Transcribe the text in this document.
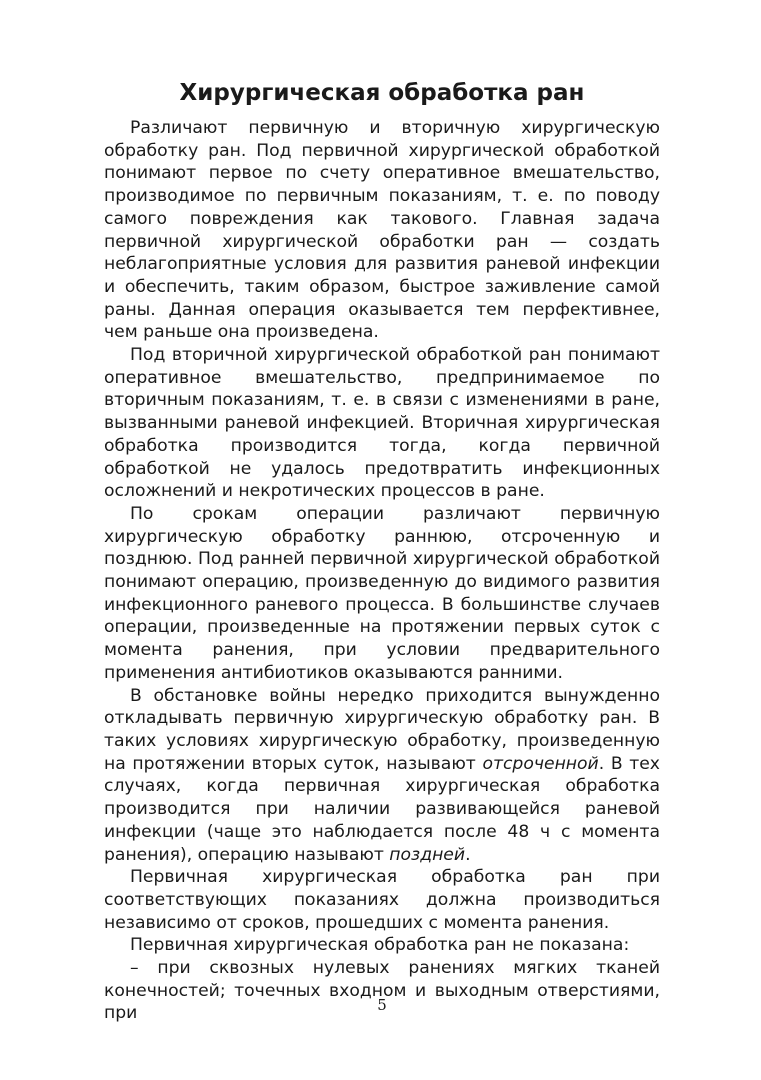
Хирургическая обработка ран

Различают первичную и вторичную хирургическую обработку ран. Под первичной хирургической обработкой понимают первое по счету оперативное вмешательство, производимое по первичным показаниям, т. е. по поводу самого повреждения как такового. Главная задача первичной хирургической обработки ран — создать неблагоприятные условия для развития раневой инфекции и обеспечить, таким образом, быстрое заживление самой раны. Данная операция оказывается тем перфективнее, чем раньше она произведена.

Под вторичной хирургической обработкой ран понимают оперативное вмешательство, предпринимаемое по вторичным показаниям, т. е. в связи с изменениями в ране, вызванными раневой инфекцией. Вторичная хирургическая обработка производится тогда, когда первичной обработкой не удалось предотвратить инфекционных осложнений и некротических процессов в ране.

По срокам операции различают первичную хирургическую обработку раннюю, отсроченную и позднюю. Под ранней первичной хирургической обработкой понимают операцию, произведенную до видимого развития инфекционного раневого процесса. В большинстве случаев операции, произведенные на протяжении первых суток с момента ранения, при условии предварительного применения антибиотиков оказываются ранними.

В обстановке войны нередко приходится вынужденно откладывать первичную хирургическую обработку ран. В таких условиях хирургическую обработку, произведенную на протяжении вторых суток, называют отсроченной. В тех случаях, когда первичная хирургическая обработка производится при наличии развивающейся раневой инфекции (чаще это наблюдается после 48 ч с момента ранения), операцию называют поздней.

Первичная хирургическая обработка ран при соответствующих показаниях должна производиться независимо от сроков, прошедших с момента ранения.

Первичная хирургическая обработка ран не показана:

– при сквозных нулевых ранениях мягких тканей конечностей; точечных входном и выходным отверстиями, при	5
